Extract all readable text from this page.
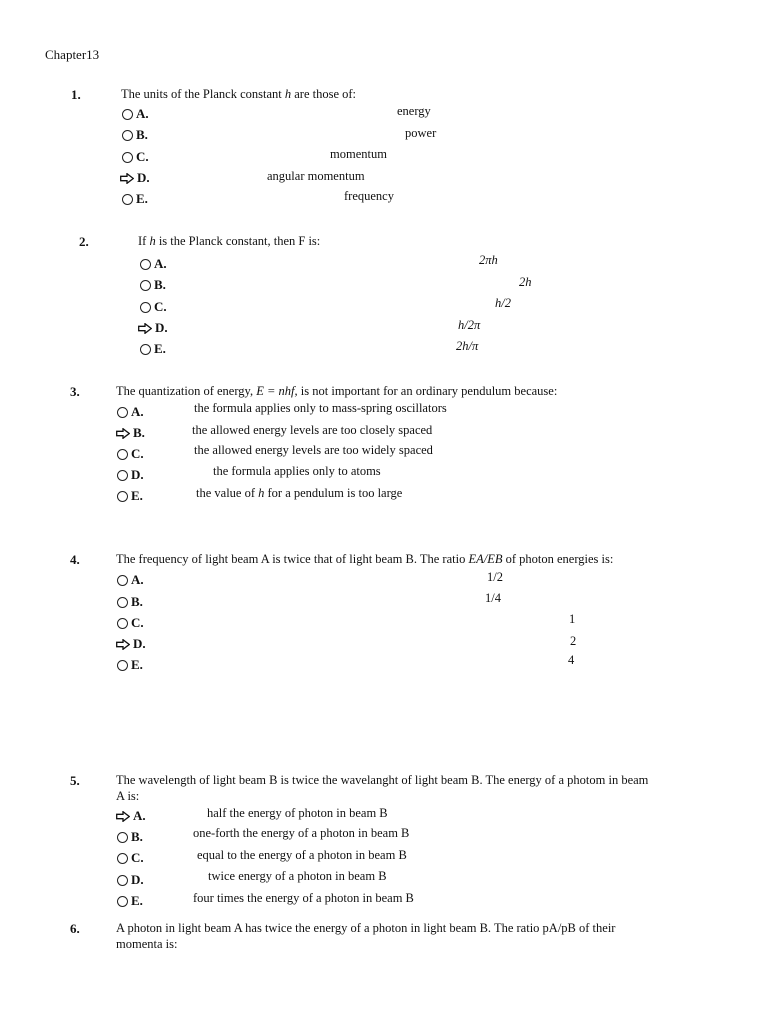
Chapter13
1.	The units of the Planck constant h are those of:
A.	energy
B.	power
C.	momentum
D.	angular momentum
E.	frequency
2.	If h is the Planck constant, then F is:
A.	2πh
B.	2h
C.	h/2
D.	h/2π
E.	2h/π
3.	The quantization of energy, E = nhf, is not important for an ordinary pendulum because:
A.	the formula applies only to mass-spring oscillators
B.	the allowed energy levels are too closely spaced
C.	the allowed energy levels are too widely spaced
D.	the formula applies only to atoms
E.	the value of h for a pendulum is too large
4.	The frequency of light beam A is twice that of light beam B. The ratio EA/EB of photon energies is:
A.	1/2
B.	1/4
C.	1
D.	2
E.	4
5.	The wavelength of light beam B is twice the wavelanght of light beam B. The energy of a photom in beam
A is:
A.	half the energy of photon in beam B
B.	one-forth the energy of a photon in beam B
C.	equal to the energy of a photon in beam B
D.	twice energy of a photon in beam B
E.	four times the energy of a photon in beam B
6.	A photon in light beam A has twice the energy of a photon in light beam B. The ratio pA/pB of their
momenta is:
